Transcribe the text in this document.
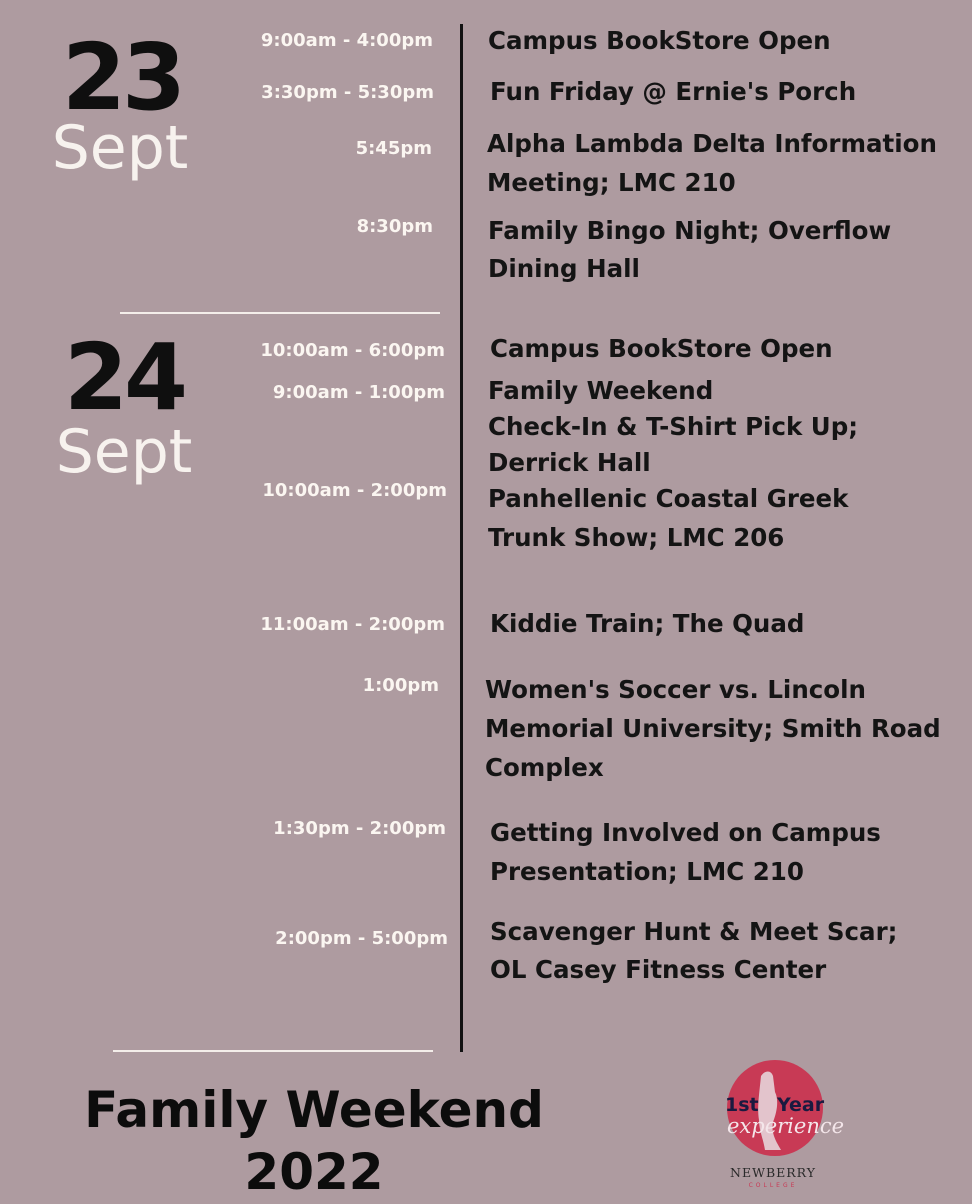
23
Sept
9:00am - 4:00pm Campus BookStore Open
3:30pm - 5:30pm Fun Friday @ Ernie's Porch
5:45pm Alpha Lambda Delta Information
Meeting; LMC 210
8:30pm Family Bingo Night; Overflow
Dining Hall
24
Sept
10:00am - 6:00pm Campus BookStore Open
9:00am - 1:00pm Family Weekend
Check-In & T-Shirt Pick Up;
Derrick Hall
10:00am - 2:00pm Panhellenic Coastal Greek
Trunk Show; LMC 206
11:00am - 2:00pm Kiddie Train; The Quad
1:00pm Women's Soccer vs. Lincoln
Memorial University; Smith Road
Complex
1:30pm - 2:00pm Getting Involved on Campus
Presentation; LMC 210
2:00pm - 5:00pm Scavenger Hunt & Meet Scar;
OL Casey Fitness Center
Family Weekend
2022
1st Year
experience
NEWBERRY
COLLEGE
